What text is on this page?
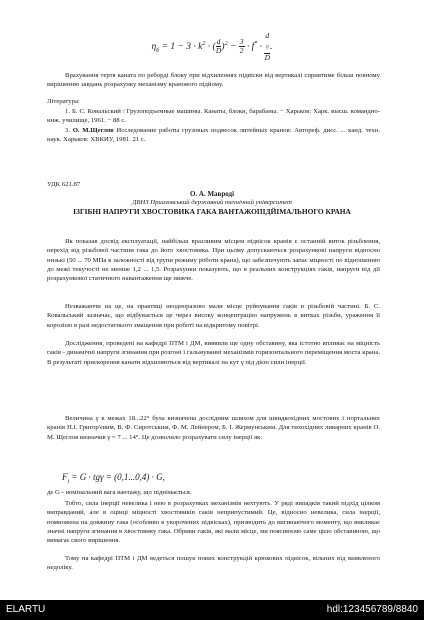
$\eta_б = 1 - 3 \cdot k^2$ · ( $\frac{d}{D} )^2 - \frac{3}{2} \cdot f^* \cdot d$
$_0$
D .
Врахування тертя каната по реборді блоку при відхиленнях підвіски від вертикалі сприятиме більш повному вирішенню завдань розрахунку механізму кранового підйому.
Література:
1. Б. С. Ковальский / Грузоподъемные машины. Канаты, блоки, барабаны. − Харьков: Харк. высш. командно-инж. училище, 1961. − 88 с.
3. О. М.Щеглов Исследование работы грузовых подвесок литейных кранов: Автореф. дисс. ... канд. техн. наук. Харьков: ХВКИУ, 1981. 21 с.
УДК 621.87
О. А. Мавроді
ДВНЗ Приазовський державний технічний університет
ІЗГІБНІ НАПРУГИ ХВОСТОВИКА ГАКА ВАНТАЖОПІДЙІМАЛЬНОГО КРАНА
Як показав досвід експлуатації, найбільш вразливим місцем підвісок кранів є останній виток різьблення, перехід від різьбової частини гака до його хвостовика. При цьому допускаються розрахункові напруги відносно низькі (50 ... 70 МПа в залежності від групи режиму роботи крана), що забезпечують запас міцності по відношенню до межі текучості не менше 1,2 ... 1,5. Розрахунки показують, що в реальних конструкціях гаків, напруги від дії розрахункової статичного навантаження ще нижче.
Незважаючи на це, на практиці неодноразово мали місце руйнування гаків в різьбовій частині. Б. С. Ковальський зазначає, що відбувається це через високу концентрацію напружень в витках різьби, ураження її корозією в разі недостатнього змащення при роботі на відкритому повітрі.
Дослідження, проведені на кафедрі ПТМ і ДМ, виявили ще одну обставину, яка істотно впливає на міцність гаків - динамічні напруги згинання при розгоні і гальмуванні механізмів горизонтального переміщення моста крана. В результаті прискорення канати відхиляються від вертикалі на кут γ під дією сили інерції.
Величина γ в межах 18...22° була визначена дослідним шляхом для швидкохідних мостових і портальних кранів Н.І. Григор'євим, В. Ф. Сиротським, Ф. М. Лейнером, Б. І. Жермунським. Для тихохідних ливарних кранів О. М. Щеглов визначив γ = 7 ... 14°. Це дозволило розрахувати силу інерції як:
$F_i = G \cdot tg\gamma = (0,1...0,4) \cdot G$,
де G - номінальний вага вантажу, що піднімається.
Тобто, сила інерції невелика і нею в розрахунках механізмів нехтують. У ряді випадків такий підхід цілком виправданий, але в оцінці міцності хвостовиків гаків неприпустимий. Це, відносно невелика, сила інерції, помножена на довжину гака (особливо в укорочених підвісках), призводить до вигинаючого моменту, що викликає значні напруги згинання в хвостовику гака. Обриви гаків, які мали місце, ми пояснюємо саме цією обставиною, що вимагає свого вирішення.
Тому на кафедрі ПТМ і ДМ ведеться пошук нових конструкцій крюкових підвісок, вільних від виявленого недоліку.
ELARTU	hdl:123456789/8840
